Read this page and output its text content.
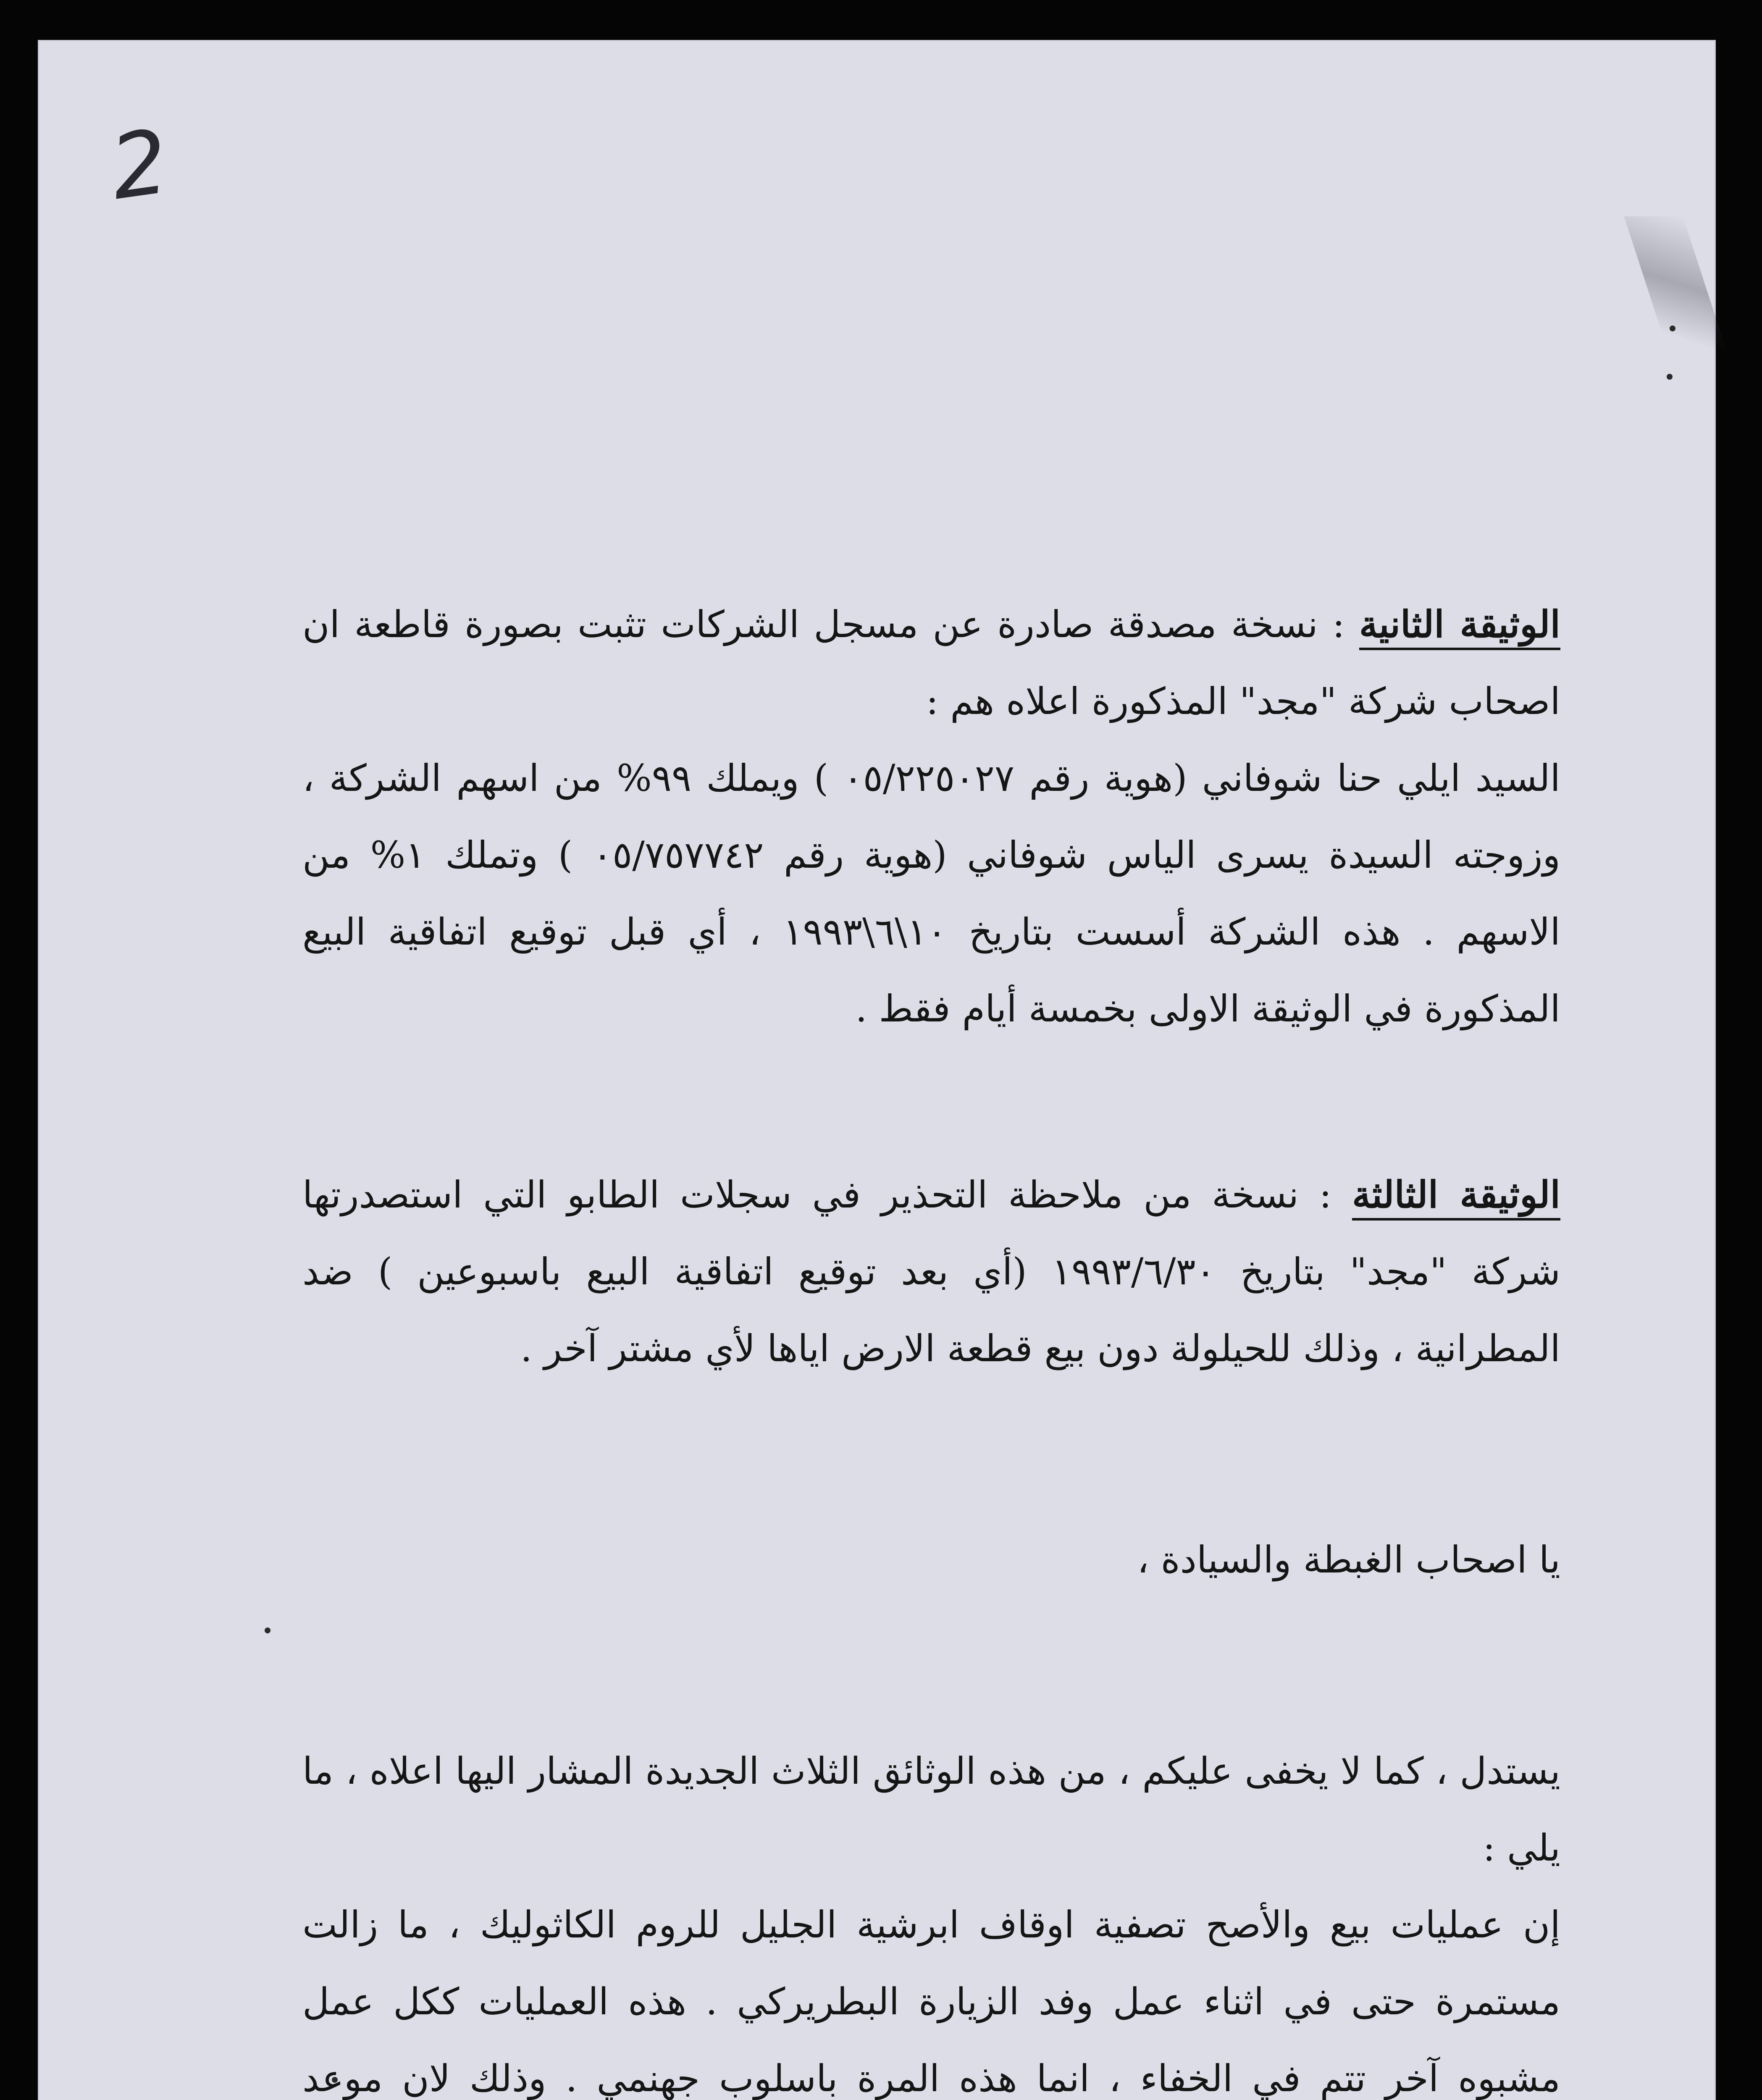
2

الوثيقة الثانية : نسخة مصدقة صادرة عن مسجل الشركات تثبت بصورة قاطعة ان اصحاب شركة "مجد" المذكورة اعلاه هم :

السيد ايلي حنا شوفاني (هوية رقم ٠٥/٢٢٥٠٢٧ ) ويملك ٩٩% من اسهم الشركة ، وزوجته السيدة يسرى الياس شوفاني (هوية رقم ٠٥/٧٥٧٧٤٢ ) وتملك ١% من الاسهم . هذه الشركة أسست بتاريخ ١٠\٦\١٩٩٣ ، أي قبل توقيع اتفاقية البيع المذكورة في الوثيقة الاولى بخمسة أيام فقط .

الوثيقة الثالثة : نسخة من ملاحظة التحذير في سجلات الطابو التي استصدرتها شركة "مجد" بتاريخ ١٩٩٣/٦/٣٠ (أي بعد توقيع اتفاقية البيع باسبوعين ) ضد المطرانية ، وذلك للحيلولة دون بيع قطعة الارض اياها لأي مشتر آخر .

يا اصحاب الغبطة والسيادة ،

يستدل ، كما لا يخفى عليكم ، من هذه الوثائق الثلاث الجديدة المشار اليها اعلاه ، ما يلي :

إن عمليات بيع والأصح تصفية اوقاف ابرشية الجليل للروم الكاثوليك ، ما زالت مستمرة حتى في اثناء عمل وفد الزيارة البطريركي . هذه العمليات ككل عمل مشبوه آخر تتم في الخفاء ، انما هذه المرة باسلوب جهنمي . وذلك لان موعد
